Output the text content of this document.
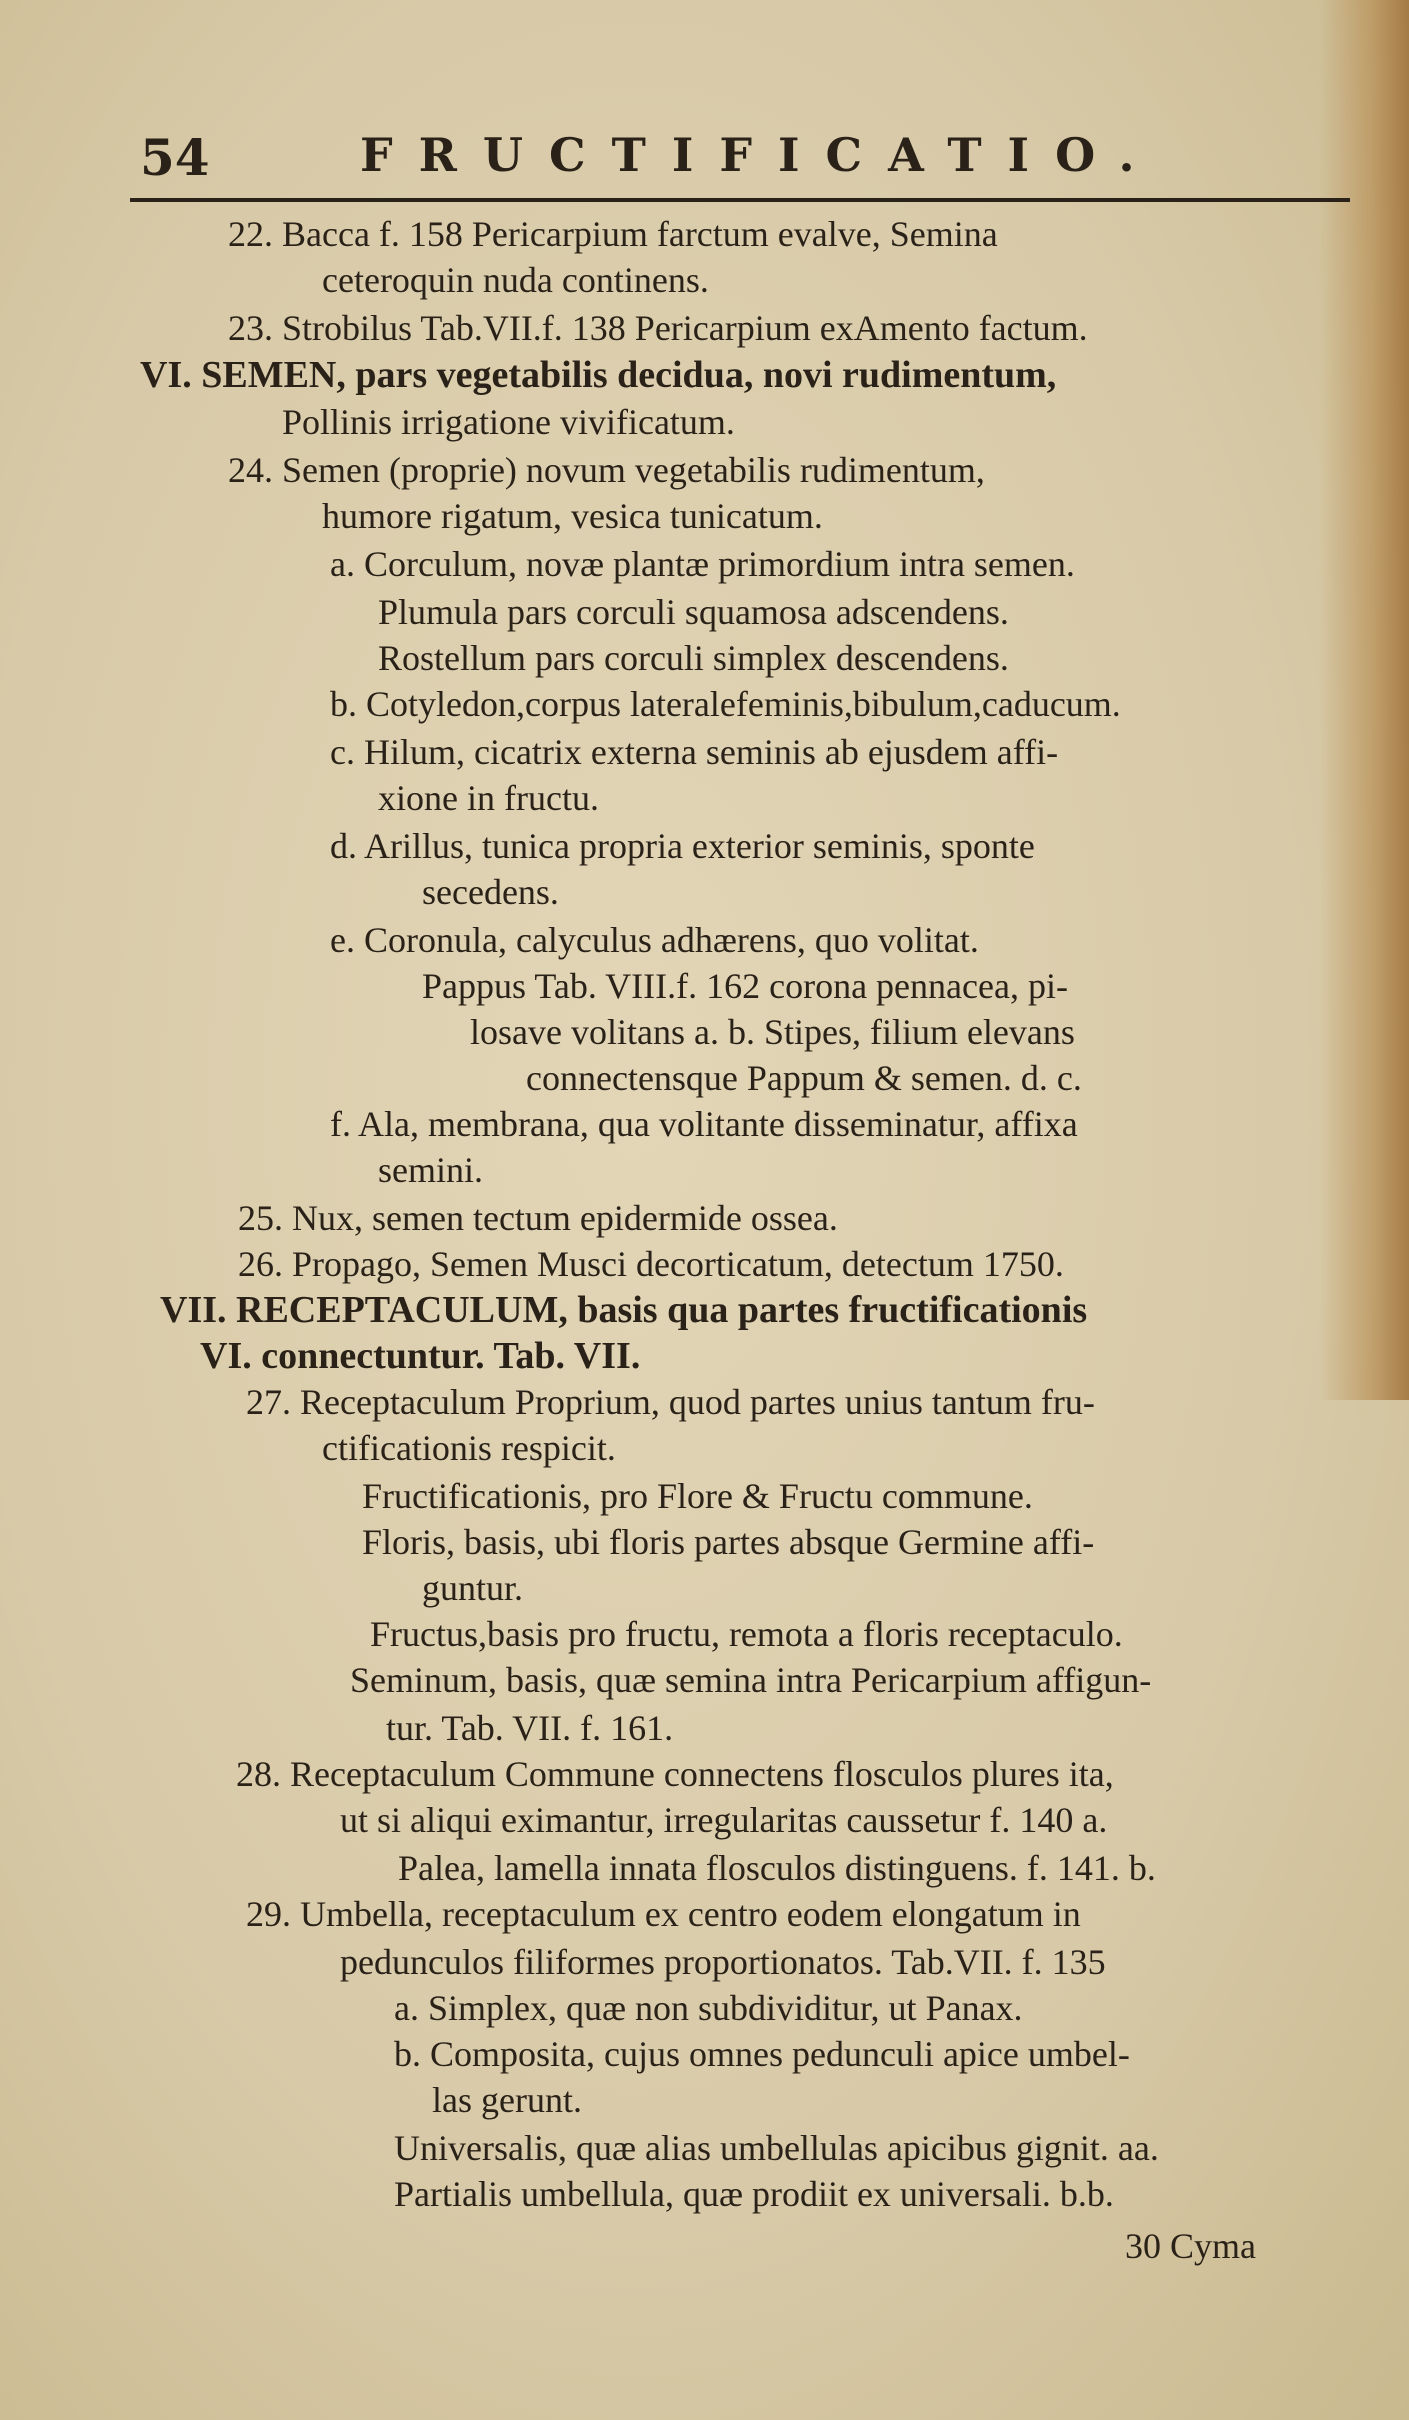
54	FRUCTIFICATIO.
22. Bacca f. 158 Pericarpium farctum evalve, Semina
ceteroquin nuda continens.
23. Strobilus Tab.VII.f. 138 Pericarpium exAmento factum.
VI. SEMEN, pars vegetabilis decidua, novi rudimentum,
Pollinis irrigatione vivificatum.
24. Semen (proprie) novum vegetabilis rudimentum,
humore rigatum, vesica tunicatum.
a. Corculum, novæ plantæ primordium intra semen.
Plumula pars corculi squamosa adscendens.
Rostellum pars corculi simplex descendens.
b. Cotyledon,corpus lateralefeminis,bibulum,caducum.
c. Hilum, cicatrix externa seminis ab ejusdem affi-
xione in fructu.
d. Arillus, tunica propria exterior seminis, sponte
secedens.
e. Coronula, calyculus adhærens, quo volitat.
Pappus Tab. VIII.f. 162 corona pennacea, pi-
losave volitans a. b. Stipes, filium elevans
connectensque Pappum & semen. d. c.
f. Ala, membrana, qua volitante disseminatur, affixa
semini.
25. Nux, semen tectum epidermide ossea.
26. Propago, Semen Musci decorticatum, detectum 1750.
VII. RECEPTACULUM, basis qua partes fructificationis
VI. connectuntur. Tab. VII.
27. Receptaculum Proprium, quod partes unius tantum fru-
ctificationis respicit.
Fructificationis, pro Flore & Fructu commune.
Floris, basis, ubi floris partes absque Germine affi-
guntur.
Fructus,basis pro fructu, remota a floris receptaculo.
Seminum, basis, quæ semina intra Pericarpium affigun-
tur. Tab. VII. f. 161.
28. Receptaculum Commune connectens flosculos plures ita,
ut si aliqui eximantur, irregularitas caussetur f. 140 a.
Palea, lamella innata flosculos distinguens. f. 141. b.
29. Umbella, receptaculum ex centro eodem elongatum in
pedunculos filiformes proportionatos. Tab.VII. f. 135
a. Simplex, quæ non subdividitur, ut Panax.
b. Composita, cujus omnes pedunculi apice umbel-
las gerunt.
Universalis, quæ alias umbellulas apicibus gignit. aa.
Partialis umbellula, quæ prodiit ex universali. b.b.
30 Cyma
